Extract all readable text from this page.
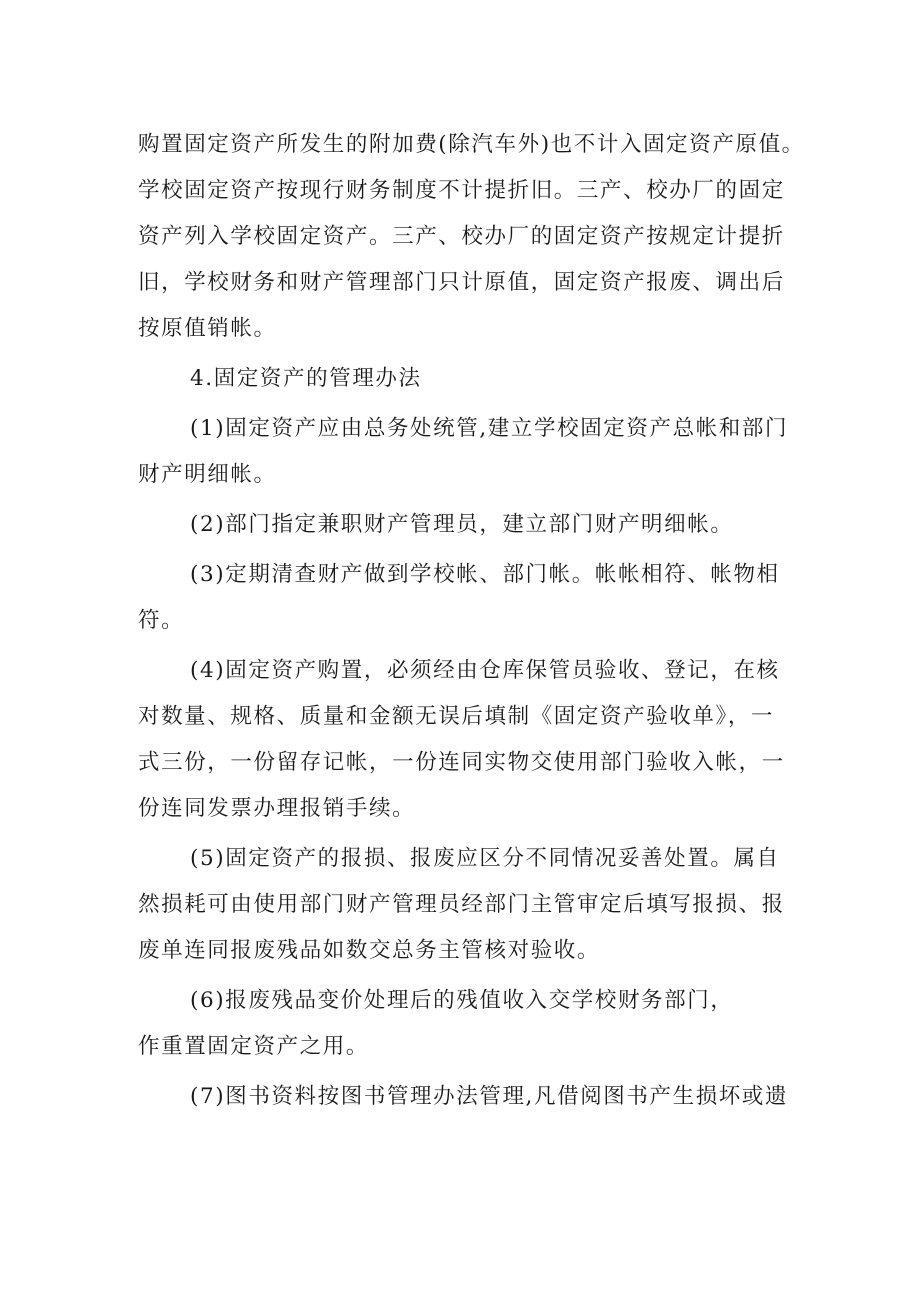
购置固定资产所发生的附加费(除汽车外)也不计入固定资产原值。
学校固定资产按现行财务制度不计提折旧。三产、校办厂的固定
资产列入学校固定资产。三产、校办厂的固定资产按规定计提折
旧，学校财务和财产管理部门只计原值，固定资产报废、调出后
按原值销帐。
4.固定资产的管理办法
(1)固定资产应由总务处统管,建立学校固定资产总帐和部门
财产明细帐。
(2)部门指定兼职财产管理员，建立部门财产明细帐。
(3)定期清查财产做到学校帐、部门帐。帐帐相符、帐物相
符。
(4)固定资产购置，必须经由仓库保管员验收、登记，在核
对数量、规格、质量和金额无误后填制《固定资产验收单》，一
式三份，一份留存记帐，一份连同实物交使用部门验收入帐，一
份连同发票办理报销手续。
(5)固定资产的报损、报废应区分不同情况妥善处置。属自
然损耗可由使用部门财产管理员经部门主管审定后填写报损、报
废单连同报废残品如数交总务主管核对验收。
(6)报废残品变价处理后的残值收入交学校财务部门，
作重置固定资产之用。
(7)图书资料按图书管理办法管理,凡借阅图书产生损坏或遗
